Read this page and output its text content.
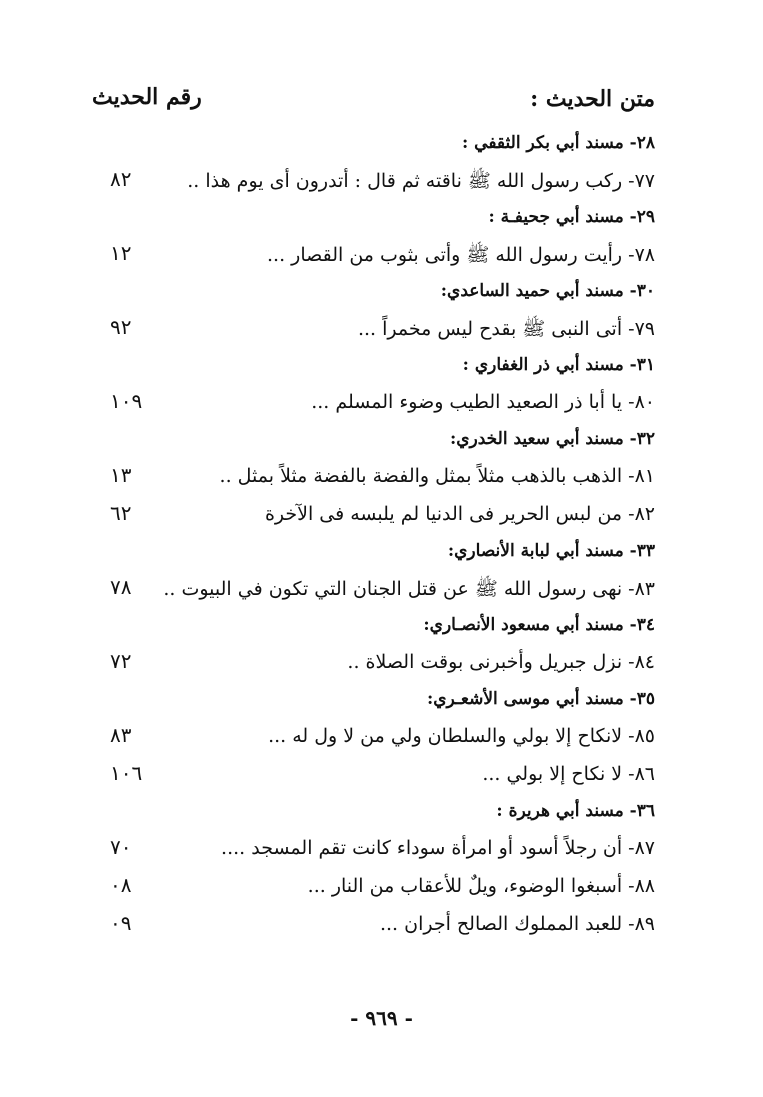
متن الحديث :
رقم الحديث
٢٨- مسند أبي بكر الثقفي :
٧٧- ركب رسول الله ﷺ ناقته ثم قال : أتدرون أى يوم هذا ..
٨٢
٢٩- مسند أبي جحيفـة :
٧٨- رأيت رسول الله ﷺ وأتى بثوب من القصار ...
١٢
٣٠- مسند أبي حميد الساعدي:
٧٩- أتى النبى ﷺ بقدح ليس مخمراً ...
٩٢
٣١- مسند أبي ذر الغفاري :
٨٠- يا أبا ذر الصعيد الطيب وضوء المسلم ...
١٠٩
٣٢- مسند أبي سعيد الخدري:
٨١- الذهب بالذهب مثلاً بمثل والفضة بالفضة مثلاً بمثل ..
١٣
٨٢- من لبس الحرير فى الدنيا لم يلبسه فى الآخرة
٦٢
٣٣- مسند أبي لبابة الأنصاري:
٨٣- نهى رسول الله ﷺ عن قتل الجنان التي تكون في البيوت ..
٧٨
٣٤- مسند أبي مسعود الأنصـاري:
٨٤- نزل جبريل وأخبرنى بوقت الصلاة ..
٧٢
٣٥- مسند أبي موسى الأشعـري:
٨٥- لانكاح إلا بولي والسلطان ولي من لا ول له ...
٨٣
٨٦- لا نكاح إلا بولي ...
١٠٦
٣٦- مسند أبي هريرة :
٨٧- أن رجلاً أسود أو امرأة سوداء كانت تقم المسجد ....
٧٠
٨٨- أسبغوا الوضوء، ويلٌ للأعقاب من النار ...
٠٨
٨٩- للعبد المملوك الصالح أجران ...
٠٩
- ٩٦٩ -
